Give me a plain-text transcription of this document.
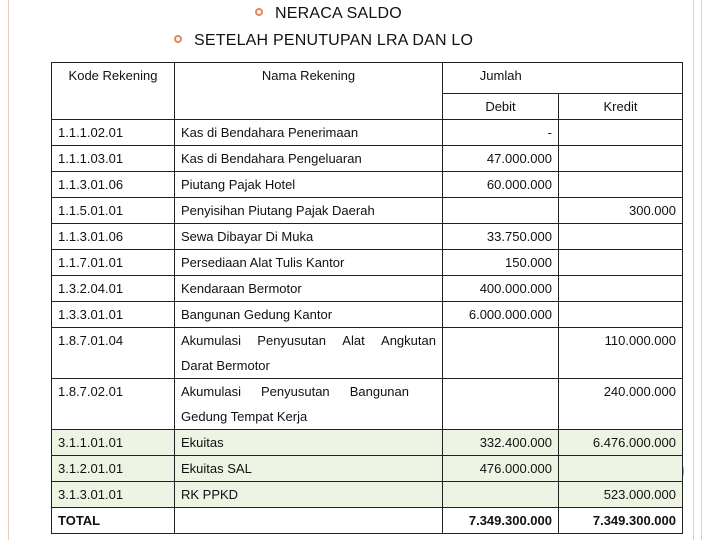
NERACA SALDO
SETELAH PENUTUPAN LRA DAN LO
Kode Rekening	Nama Rekening	Jumlah	
		Debit	Kredit
1.1.1.02.01	Kas di Bendahara Penerimaan	-	
1.1.1.03.01	Kas di Bendahara Pengeluaran	47.000.000	
1.1.3.01.06	Piutang Pajak Hotel	60.000.000	
1.1.5.01.01	Penyisihan Piutang Pajak Daerah		300.000
1.1.3.01.06	Sewa Dibayar Di Muka	33.750.000	
1.1.7.01.01	Persediaan Alat Tulis Kantor	150.000	
1.3.2.04.01	Kendaraan Bermotor	400.000.000	
1.3.3.01.01	Bangunan Gedung Kantor	6.000.000.000	
1.8.7.01.04	Akumulasi Penyusutan Alat Angkutan
Darat Bermotor		110.000.000
1.8.7.02.01	Akumulasi Penyusutan Bangunan
Gedung Tempat Kerja		240.000.000
3.1.1.01.01	Ekuitas	332.400.000	6.476.000.000
3.1.2.01.01	Ekuitas SAL	476.000.000	
3.1.3.01.01	RK PPKD		523.000.000
TOTAL		7.349.300.000	7.349.300.000
